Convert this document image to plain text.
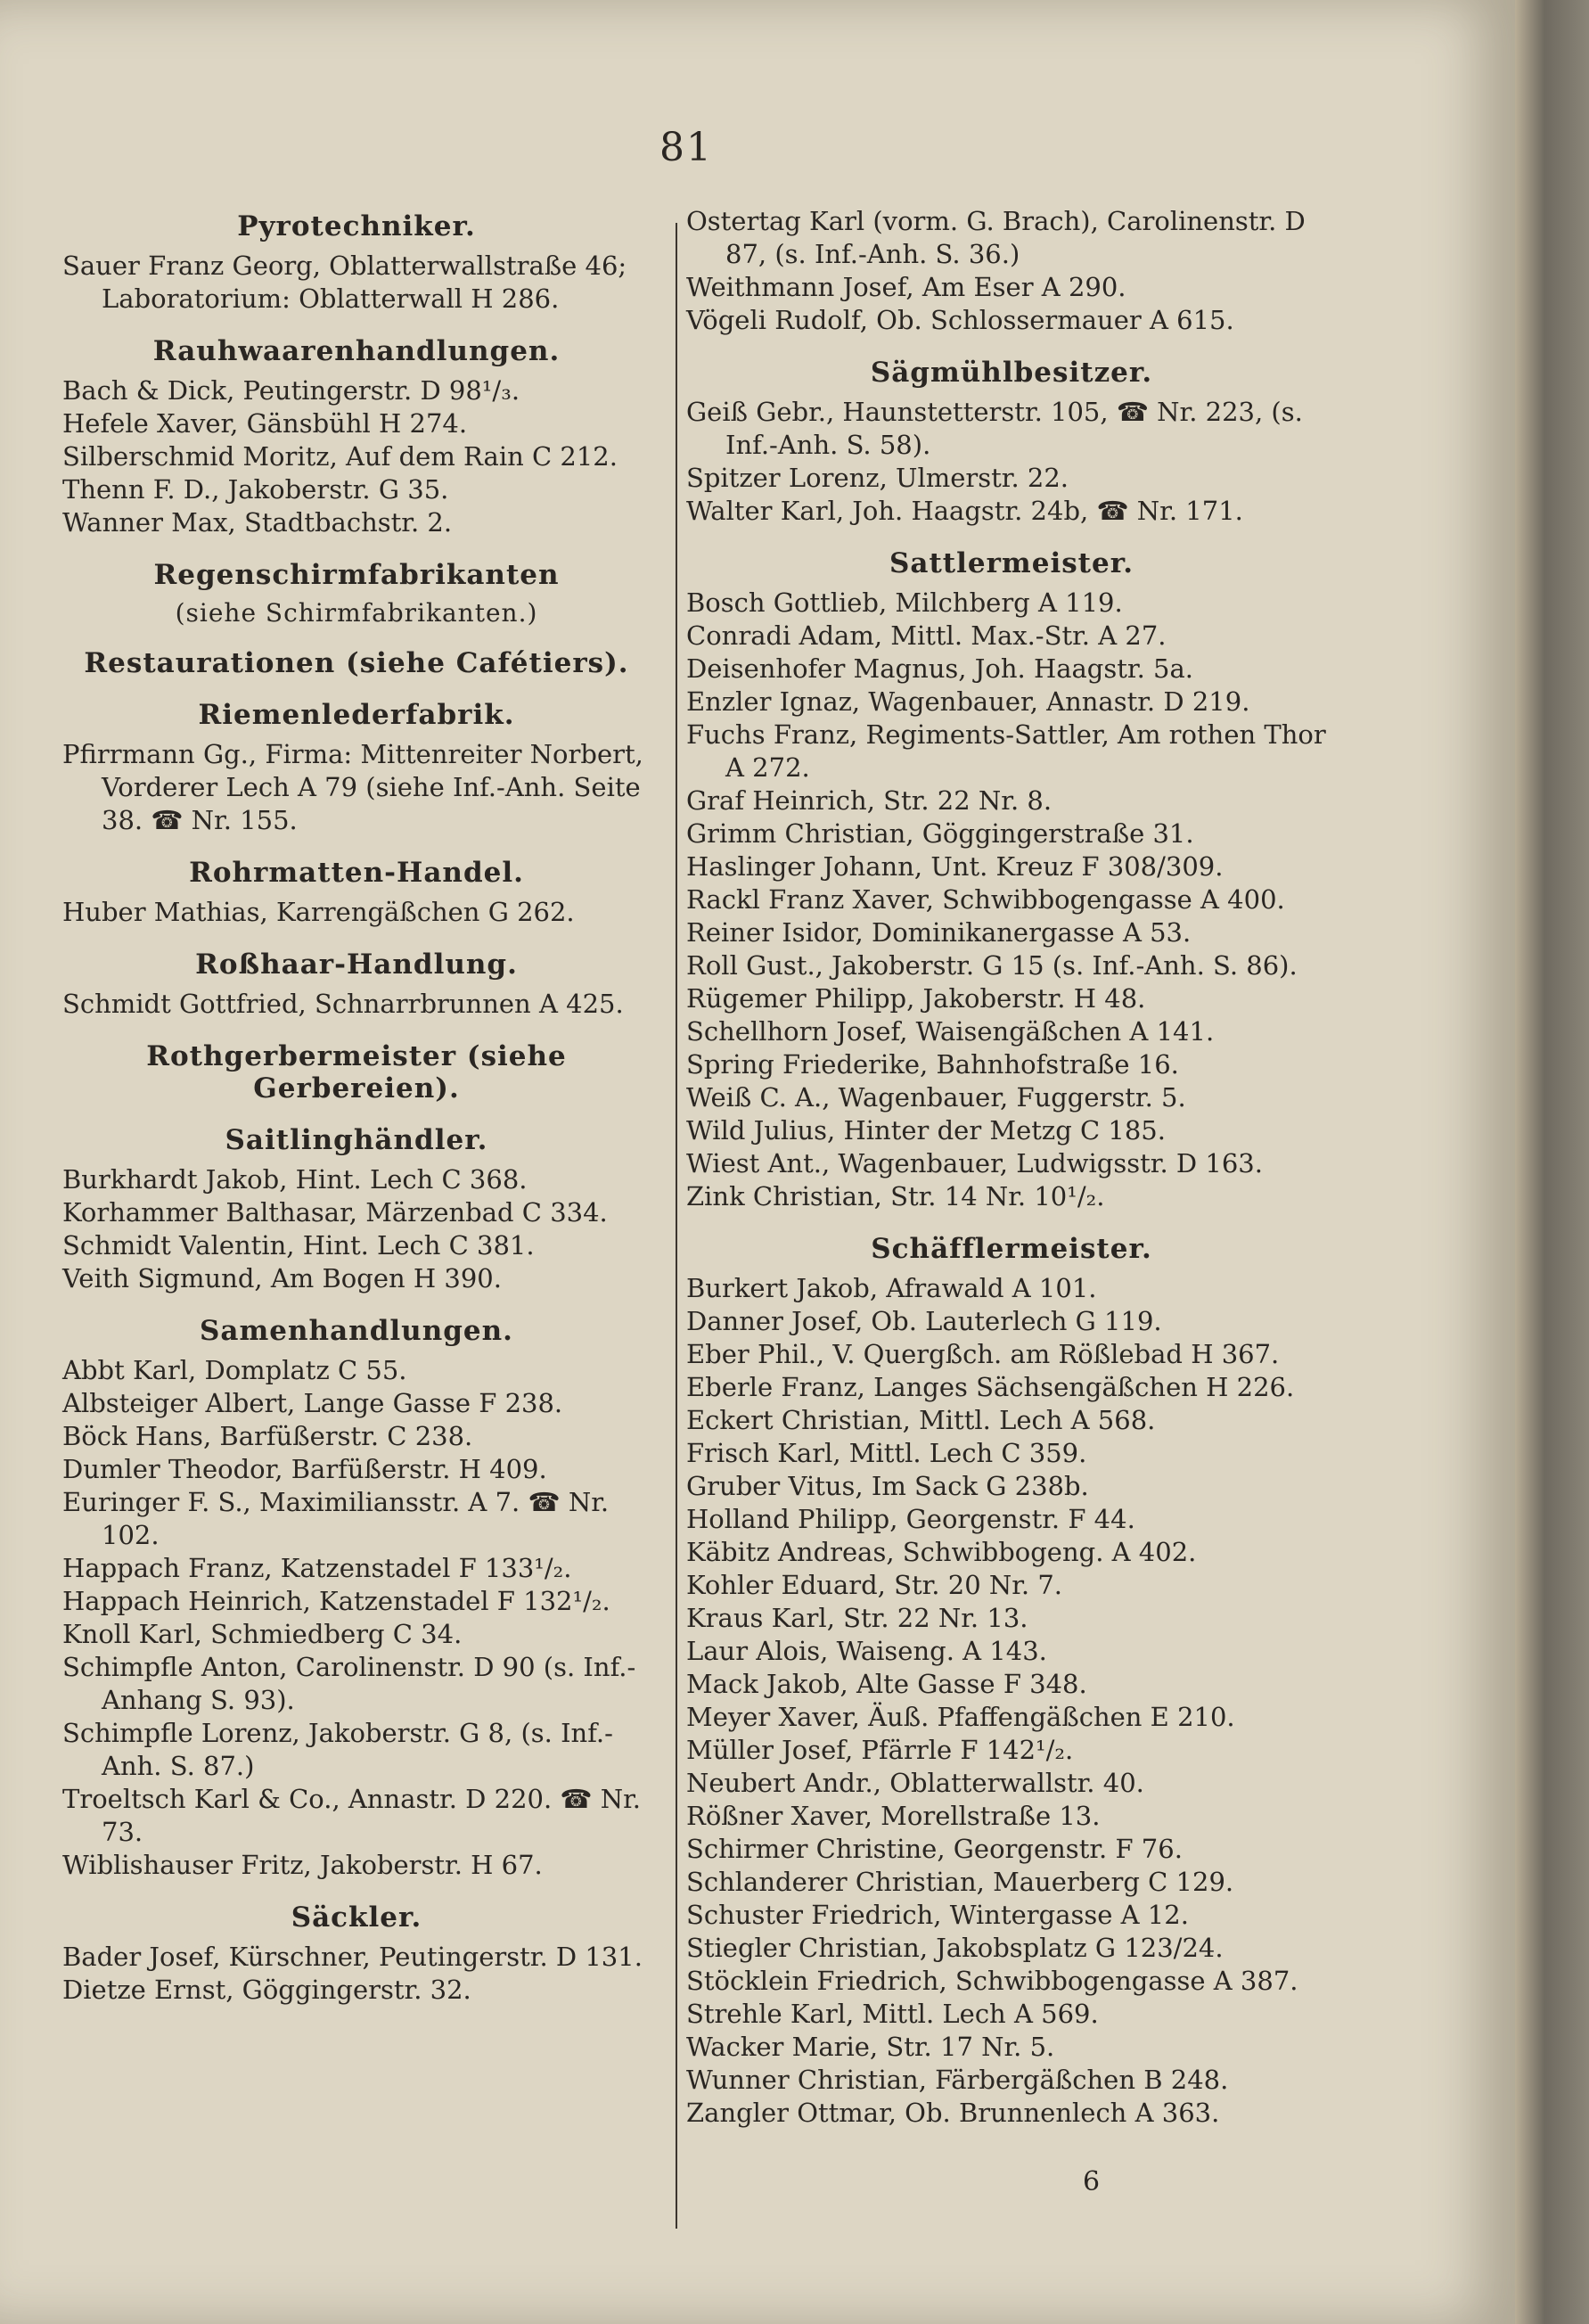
81
Pyrotechniker.
Sauer Franz Georg, Oblatterwallstraße 46; Laboratorium: Oblatterwall H 286.
Rauhwaarenhandlungen.
Bach & Dick, Peutingerstr. D 98¹/₃.
Hefele Xaver, Gänsbühl H 274.
Silberschmid Moritz, Auf dem Rain C 212.
Thenn F. D., Jakoberstr. G 35.
Wanner Max, Stadtbachstr. 2.
Regenschirmfabrikanten
(siehe Schirmfabrikanten.)
Restaurationen (siehe Cafétiers).
Riemenlederfabrik.
Pfirrmann Gg., Firma: Mittenreiter Norbert, Vorderer Lech A 79 (siehe Inf.-Anh. Seite 38. ☎ Nr. 155.
Rohrmatten-Handel.
Huber Mathias, Karrengäßchen G 262.
Roßhaar-Handlung.
Schmidt Gottfried, Schnarrbrunnen A 425.
Rothgerbermeister (siehe Gerbereien).
Saitlinghändler.
Burkhardt Jakob, Hint. Lech C 368.
Korhammer Balthasar, Märzenbad C 334.
Schmidt Valentin, Hint. Lech C 381.
Veith Sigmund, Am Bogen H 390.
Samenhandlungen.
Abbt Karl, Domplatz C 55.
Albsteiger Albert, Lange Gasse F 238.
Böck Hans, Barfüßerstr. C 238.
Dumler Theodor, Barfüßerstr. H 409.
Euringer F. S., Maximiliansstr. A 7. ☎ Nr. 102.
Happach Franz, Katzenstadel F 133¹/₂.
Happach Heinrich, Katzenstadel F 132¹/₂.
Knoll Karl, Schmiedberg C 34.
Schimpfle Anton, Carolinenstr. D 90 (s. Inf.-Anhang S. 93).
Schimpfle Lorenz, Jakoberstr. G 8, (s. Inf.-Anh. S. 87.)
Troeltsch Karl & Co., Annastr. D 220. ☎ Nr. 73.
Wiblishauser Fritz, Jakoberstr. H 67.
Säckler.
Bader Josef, Kürschner, Peutingerstr. D 131.
Dietze Ernst, Göggingerstr. 32.
Ostertag Karl (vorm. G. Brach), Carolinenstr. D 87, (s. Inf.-Anh. S. 36.)
Weithmann Josef, Am Eser A 290.
Vögeli Rudolf, Ob. Schlossermauer A 615.
Sägmühlbesitzer.
Geiß Gebr., Haunstetterstr. 105, ☎ Nr. 223, (s. Inf.-Anh. S. 58).
Spitzer Lorenz, Ulmerstr. 22.
Walter Karl, Joh. Haagstr. 24b, ☎ Nr. 171.
Sattlermeister.
Bosch Gottlieb, Milchberg A 119.
Conradi Adam, Mittl. Max.-Str. A 27.
Deisenhofer Magnus, Joh. Haagstr. 5a.
Enzler Ignaz, Wagenbauer, Annastr. D 219.
Fuchs Franz, Regiments-Sattler, Am rothen Thor A 272.
Graf Heinrich, Str. 22 Nr. 8.
Grimm Christian, Göggingerstraße 31.
Haslinger Johann, Unt. Kreuz F 308/309.
Rackl Franz Xaver, Schwibbogengasse A 400.
Reiner Isidor, Dominikanergasse A 53.
Roll Gust., Jakoberstr. G 15 (s. Inf.-Anh. S. 86).
Rügemer Philipp, Jakoberstr. H 48.
Schellhorn Josef, Waisengäßchen A 141.
Spring Friederike, Bahnhofstraße 16.
Weiß C. A., Wagenbauer, Fuggerstr. 5.
Wild Julius, Hinter der Metzg C 185.
Wiest Ant., Wagenbauer, Ludwigsstr. D 163.
Zink Christian, Str. 14 Nr. 10¹/₂.
Schäfflermeister.
Burkert Jakob, Afrawald A 101.
Danner Josef, Ob. Lauterlech G 119.
Eber Phil., V. Quergßch. am Rößlebad H 367.
Eberle Franz, Langes Sächsengäßchen H 226.
Eckert Christian, Mittl. Lech A 568.
Frisch Karl, Mittl. Lech C 359.
Gruber Vitus, Im Sack G 238b.
Holland Philipp, Georgenstr. F 44.
Käbitz Andreas, Schwibbogeng. A 402.
Kohler Eduard, Str. 20 Nr. 7.
Kraus Karl, Str. 22 Nr. 13.
Laur Alois, Waiseng. A 143.
Mack Jakob, Alte Gasse F 348.
Meyer Xaver, Äuß. Pfaffengäßchen E 210.
Müller Josef, Pfärrle F 142¹/₂.
Neubert Andr., Oblatterwallstr. 40.
Rößner Xaver, Morellstraße 13.
Schirmer Christine, Georgenstr. F 76.
Schlanderer Christian, Mauerberg C 129.
Schuster Friedrich, Wintergasse A 12.
Stiegler Christian, Jakobsplatz G 123/24.
Stöcklein Friedrich, Schwibbogengasse A 387.
Strehle Karl, Mittl. Lech A 569.
Wacker Marie, Str. 17 Nr. 5.
Wunner Christian, Färbergäßchen B 248.
Zangler Ottmar, Ob. Brunnenlech A 363.
6
